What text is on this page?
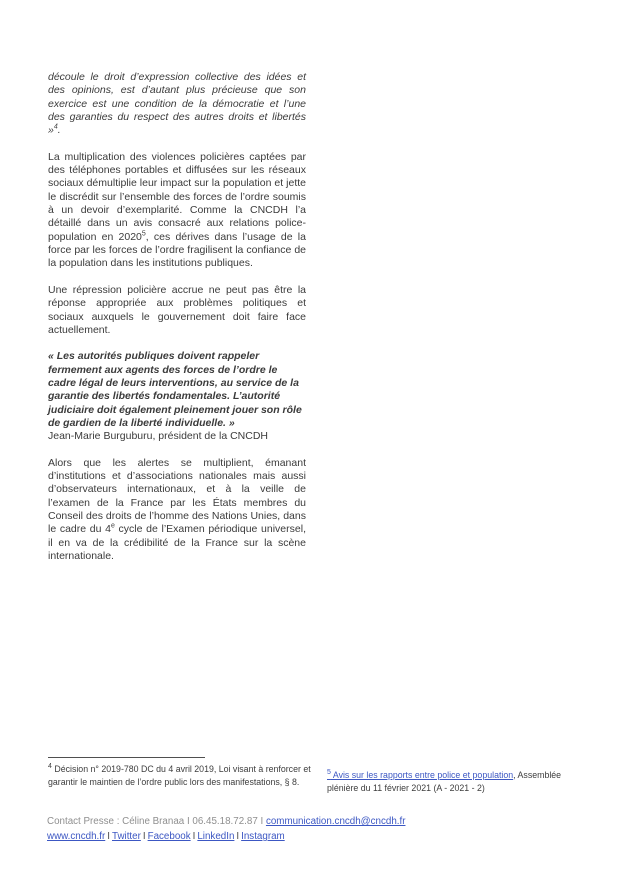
découle le droit d’expression collective des idées et des opinions, est d’autant plus précieuse que son exercice est une condition de la démocratie et l’une des garanties du respect des autres droits et libertés »$^4$.

La multiplication des violences policières captées par des téléphones portables et diffusées sur les réseaux sociaux démultiplie leur impact sur la population et jette le discrédit sur l’ensemble des forces de l’ordre soumis à un devoir d’exemplarité. Comme la CNCDH l’a détaillé dans un avis consacré aux relations police-population en 2020$^5$, ces dérives dans l’usage de la force par les forces de l’ordre fragilisent la confiance de la population dans les institutions publiques.

Une répression policière accrue ne peut pas être la réponse appropriée aux problèmes politiques et sociaux auxquels le gouvernement doit faire face actuellement.

« Les autorités publiques doivent rappeler fermement aux agents des forces de l’ordre le cadre légal de leurs interventions, au service de la garantie des libertés fondamentales. L’autorité judiciaire doit également pleinement jouer son rôle de gardien de la liberté individuelle. »

Jean-Marie Burguburu, président de la CNCDH

Alors que les alertes se multiplient, émanant d’institutions et d’associations nationales mais aussi d’observateurs internationaux, et à la veille de l’examen de la France par les États membres du Conseil des droits de l’homme des Nations Unies, dans le cadre du 4e cycle de l’Examen périodique universel, il en va de la crédibilité de la France sur la scène internationale.

$^4$ Décision n° 2019-780 DC du 4 avril 2019, Loi visant à renforcer et garantir le maintien de l’ordre public lors des manifestations, § 8.

$^5$ Avis sur les rapports entre police et population, Assemblée plénière du 11 février 2021 (A - 2021 - 2)

Contact Presse : Céline Branaa I 06.45.18.72.87 I communication.cncdh@cncdh.fr

www.cncdh.fr I Twitter I Facebook I LinkedIn I Instagram
